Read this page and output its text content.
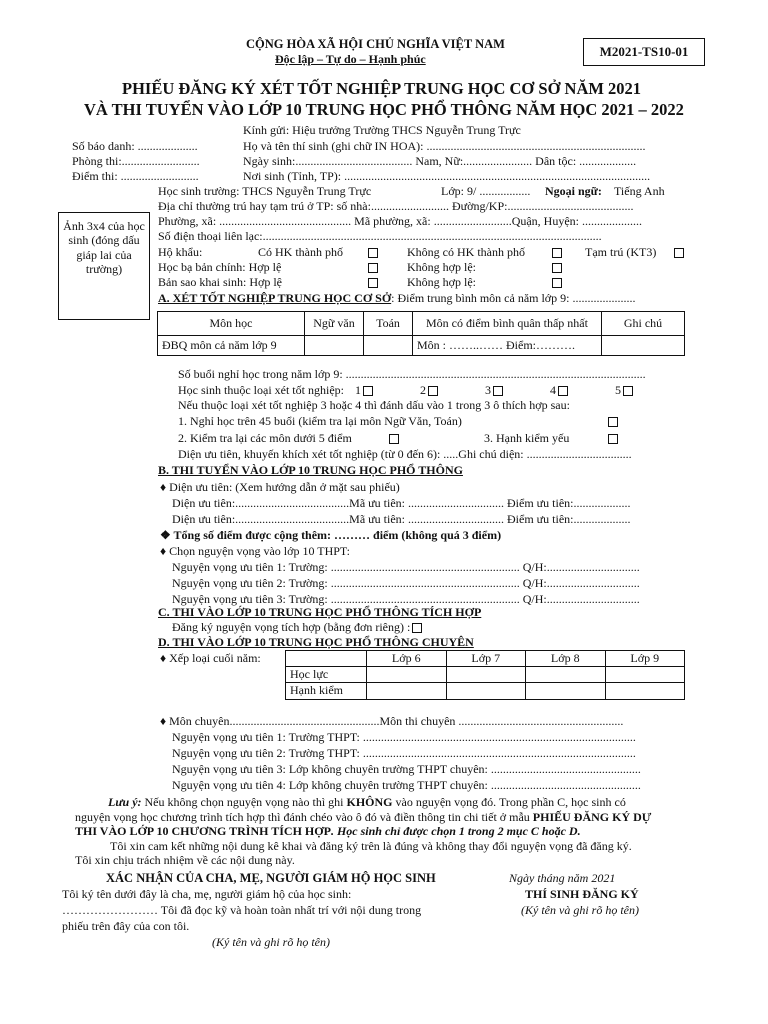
CỘNG HÒA XÃ HỘI CHỦ NGHĨA VIỆT NAM
Độc lập – Tự do – Hạnh phúc	M2021-TS10-01
PHIẾU ĐĂNG KÝ XÉT TỐT NGHIỆP TRUNG HỌC CƠ SỞ NĂM 2021
VÀ THI TUYỂN VÀO LỚP 10 TRUNG HỌC PHỔ THÔNG NĂM HỌC 2021 – 2022
Kính gửi: Hiệu trưởng Trường THCS Nguyễn Trung Trực
Số báo danh: ....................
Phòng thi:..........................
Điểm thi: ..........................
Ảnh 3x4 của học sinh (đóng dấu giáp lai của trường)
Họ và tên thí sinh (ghi chữ IN HOA): .........................................................................
Ngày sinh:....................................... Nam, Nữ:....................... Dân tộc: ...................
Nơi sinh (Tỉnh, TP): ......................................................................................................
Học sinh trường: THCS Nguyễn Trung Trực	Lớp: 9/ ................. Ngoại ngữ: Tiếng Anh
Địa chỉ thường trú hay tạm trú ở TP: số nhà:.......................... Đường/KP:..........................................
Phường, xã: ............................................ Mã phường, xã: ..........................Quận, Huyện: ....................
Số điện thoại liên lạc:.................................................................................................................
Hộ khẩu:	Có HK thành phố	Không có HK thành phố	Tạm trú (KT3)
Học bạ bản chính: Hợp lệ	Không hợp lệ:
Bản sao khai sinh: Hợp lệ	Không hợp lệ:
A. XÉT TỐT NGHIỆP TRUNG HỌC CƠ SỞ: Điểm trung bình môn cả năm lớp 9: .....................
Môn học	Ngữ văn	Toán	Môn có điểm bình quân thấp nhất	Ghi chú
ĐBQ môn cả năm lớp 9			Môn : ……..…… Điểm:……….	
Số buổi nghỉ học trong năm lớp 9: ....................................................................................................
Học sinh thuộc loại xét tốt nghiệp: 1	2	3	4	5
Nếu thuộc loại xét tốt nghiệp 3 hoặc 4 thì đánh dấu vào 1 trong 3 ô thích hợp sau:
1. Nghỉ học trên 45 buổi (kiểm tra lại môn Ngữ Văn, Toán)
2. Kiểm tra lại các môn dưới 5 điểm	3. Hạnh kiểm yếu
Diện ưu tiên, khuyến khích xét tốt nghiệp (từ 0 đến 6): .....Ghi chú diện: ...................................
B. THI TUYỂN VÀO LỚP 10 TRUNG HỌC PHỔ THÔNG
♦ Diện ưu tiên: (Xem hướng dẫn ở mặt sau phiếu)
Diện ưu tiên:......................................Mã ưu tiên: ................................ Điểm ưu tiên:...................
Diện ưu tiên:......................................Mã ưu tiên: ................................ Điểm ưu tiên:...................
❖ Tổng số điểm được cộng thêm: ……… điểm (không quá 3 điểm)
♦ Chọn nguyện vọng vào lớp 10 THPT:
Nguyện vọng ưu tiên 1: Trường: ............................................................... Q/H:...............................
Nguyện vọng ưu tiên 2: Trường: ............................................................... Q/H:...............................
Nguyện vọng ưu tiên 3: Trường: ............................................................... Q/H:...............................
C. THI VÀO LỚP 10 TRUNG HỌC PHỔ THÔNG TÍCH HỢP
Đăng ký nguyện vọng tích hợp (bằng đơn riêng) :
D. THI VÀO LỚP 10 TRUNG HỌC PHỔ THÔNG CHUYÊN
♦ Xếp loại cuối năm:
		Lớp 6	Lớp 7	Lớp 8	Lớp 9
Học lực				
Hạnh kiểm				
♦ Môn chuyên..................................................Môn thi chuyên .......................................................
Nguyện vọng ưu tiên 1: Trường THPT: ...........................................................................................
Nguyện vọng ưu tiên 2: Trường THPT: ...........................................................................................
Nguyện vọng ưu tiên 3: Lớp không chuyên trường THPT chuyên: ..................................................
Nguyện vọng ưu tiên 4: Lớp không chuyên trường THPT chuyên: ..................................................
Lưu ý: Nếu không chọn nguyện vọng nào thì ghi KHÔNG vào nguyện vọng đó. Trong phần C, học sinh có
nguyện vọng học chương trình tích hợp thì đánh chéo vào ô đó và điền thông tin chi tiết ở mẫu PHIẾU ĐĂNG KÝ DỰ
THI VÀO LỚP 10 CHƯƠNG TRÌNH TÍCH HỢP. Học sinh chỉ được chọn 1 trong 2 mục C hoặc D.
Tôi xin cam kết những nội dung kê khai và đăng ký trên là đúng và không thay đổi nguyện vọng đã đăng ký.
Tôi xin chịu trách nhiệm về các nội dung này.
XÁC NHẬN CỦA CHA, MẸ, NGƯỜI GIÁM HỘ HỌC SINH
Tôi ký tên dưới đây là cha, mẹ, người giám hộ của học sinh:
…………………… Tôi đã đọc kỹ và hoàn toàn nhất trí với nội dung trong
phiếu trên đây của con tôi.
(Ký tên và ghi rõ họ tên)
Ngày tháng năm 2021
THÍ SINH ĐĂNG KÝ
(Ký tên và ghi rõ họ tên)
